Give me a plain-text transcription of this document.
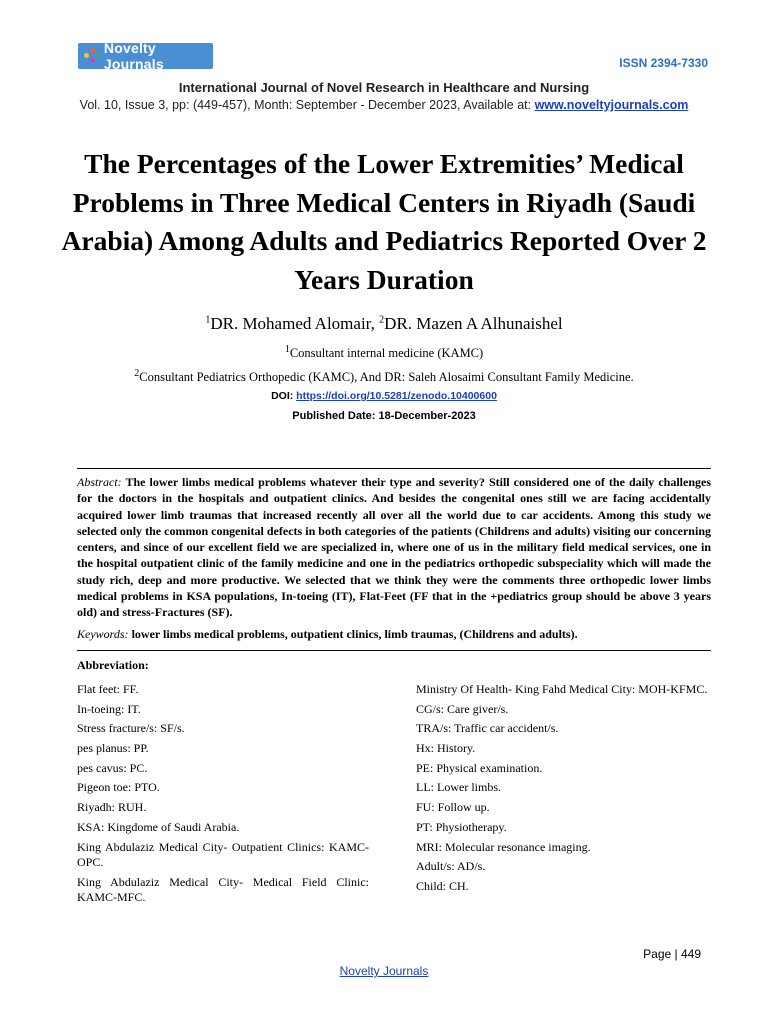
Novelty Journals	ISSN 2394-7330
International Journal of Novel Research in Healthcare and Nursing
Vol. 10, Issue 3, pp: (449-457), Month: September - December 2023, Available at: www.noveltyjournals.com
The Percentages of the Lower Extremities’ Medical Problems in Three Medical Centers in Riyadh (Saudi Arabia) Among Adults and Pediatrics Reported Over 2 Years Duration
$^1$DR. Mohamed Alomair, $^2$DR. Mazen A Alhunaishel
$^1$Consultant internal medicine (KAMC)
$^2$Consultant Pediatrics Orthopedic (KAMC), And DR: Saleh Alosaimi Consultant Family Medicine.
DOI: https://doi.org/10.5281/zenodo.10400600
Published Date: 18-December-2023
Abstract: The lower limbs medical problems whatever their type and severity? Still considered one of the daily challenges for the doctors in the hospitals and outpatient clinics. And besides the congenital ones still we are facing accidentally acquired lower limb traumas that increased recently all over all the world due to car accidents. Among this study we selected only the common congenital defects in both categories of the patients (Childrens and adults) visiting our concerning centers, and since of our excellent field we are specialized in, where one of us in the military field medical services, one in the hospital outpatient clinic of the family medicine and one in the pediatrics orthopedic subspeciality which will made the study rich, deep and more productive. We selected that we think they were the comments three orthopedic lower limbs medical problems in KSA populations, In-toeing (IT), Flat-Feet (FF that in the +pediatrics group should be above 3 years old) and stress-Fractures (SF).
Keywords: lower limbs medical problems, outpatient clinics, limb traumas, (Childrens and adults).
Abbreviation:
Flat feet: FF.
In-toeing: IT.
Stress fracture/s: SF/s.
pes planus: PP.
pes cavus: PC.
Pigeon toe: PTO.
Riyadh: RUH.
KSA: Kingdome of Saudi Arabia.
King Abdulaziz Medical City- Outpatient Clinics: KAMC-OPC.
King Abdulaziz Medical City- Medical Field Clinic: KAMC-MFC.
Ministry Of Health- King Fahd Medical City: MOH-KFMC.
CG/s: Care giver/s.
TRA/s: Traffic car accident/s.
Hx: History.
PE: Physical examination.
LL: Lower limbs.
FU: Follow up.
PT: Physiotherapy.
MRI: Molecular resonance imaging.
Adult/s: AD/s.
Child: CH.
Page | 449
Novelty Journals
